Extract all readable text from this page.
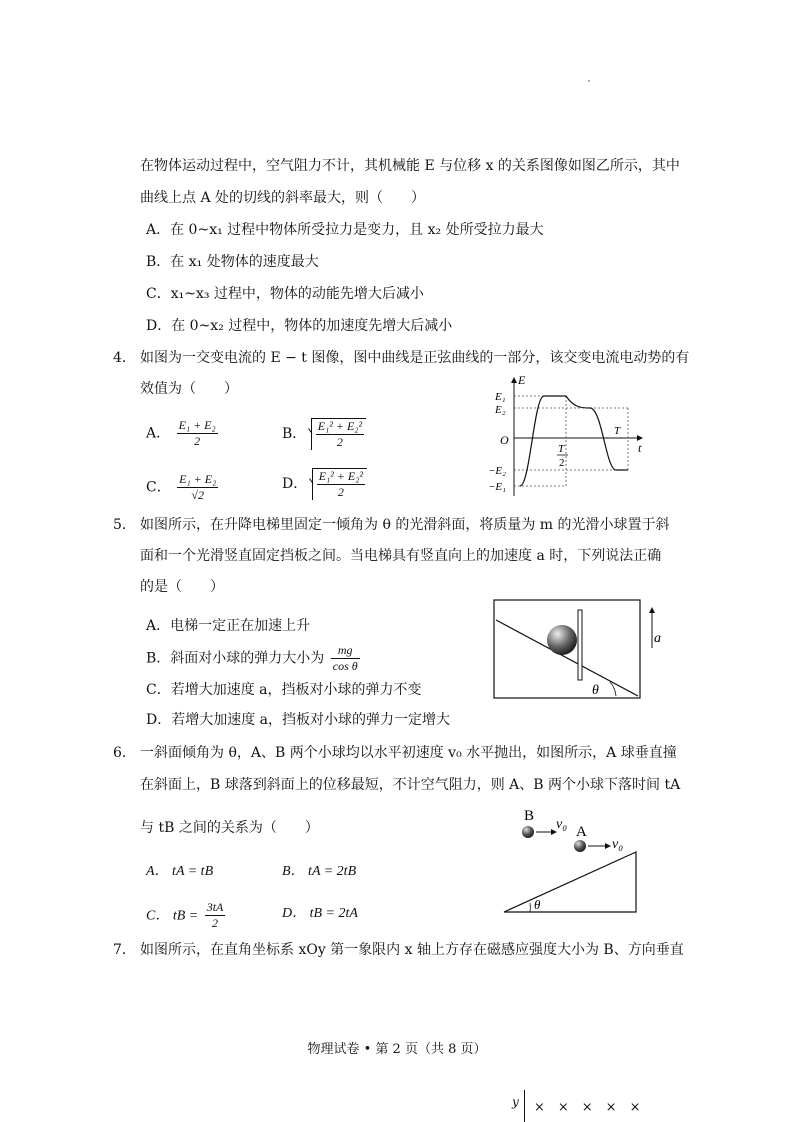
在物体运动过程中，空气阻力不计，其机械能 E 与位移 x 的关系图像如图乙所示，其中
曲线上点 A 处的切线的斜率最大，则（　　）
A．在 0~x₁ 过程中物体所受拉力是变力，且 x₂ 处所受拉力最大
B．在 x₁ 处物体的速度最大
C．x₁~x₃ 过程中，物体的动能先增大后减小
D．在 0~x₂ 过程中，物体的加速度先增大后减小
4． 如图为一交变电流的 E − t 图像，图中曲线是正弦曲线的一部分，该交变电流电动势的有
效值为（　　）
A． $\frac{\text{E₁ + E₂}}{2}$	B． $\frac{\text{E₁² + E₂²}}{2}$
C． $\frac{\text{E₁ + E₂}}{√2}$	D． $\frac{\text{E₁² + E₂²}}{2}$
E
t
O
E₁
E₂
−E₂
−E₁
T
T
2
5． 如图所示，在升降电梯里固定一倾角为 θ 的光滑斜面，将质量为 m 的光滑小球置于斜
面和一个光滑竖直固定挡板之间。当电梯具有竖直向上的加速度 a 时，下列说法正确
的是（　　）
A．电梯一定正在加速上升
B．斜面对小球的弹力大小为 $\frac{mg}{\text{cos θ}}$
C．若增大加速度 a，挡板对小球的弹力不变
D．若增大加速度 a，挡板对小球的弹力一定增大
θ
a
6． 一斜面倾角为 θ，A、B 两个小球均以水平初速度 v₀ 水平抛出，如图所示，A 球垂直撞
在斜面上，B 球落到斜面上的位移最短，不计空气阻力，则 A、B 两个小球下落时间 tA
与 tB 之间的关系为（　　）
A． tA = tB	B． tA = 2tB
C． tB = $\frac{3tA}{2}$	D． tB = 2tA
B
v₀ A
v₀
θ
7． 如图所示，在直角坐标系 xOy 第一象限内 x 轴上方存在磁感应强度大小为 B、方向垂直
物理试卷 • 第 2 页（共 8 页）
y ×　×　×　×　×
